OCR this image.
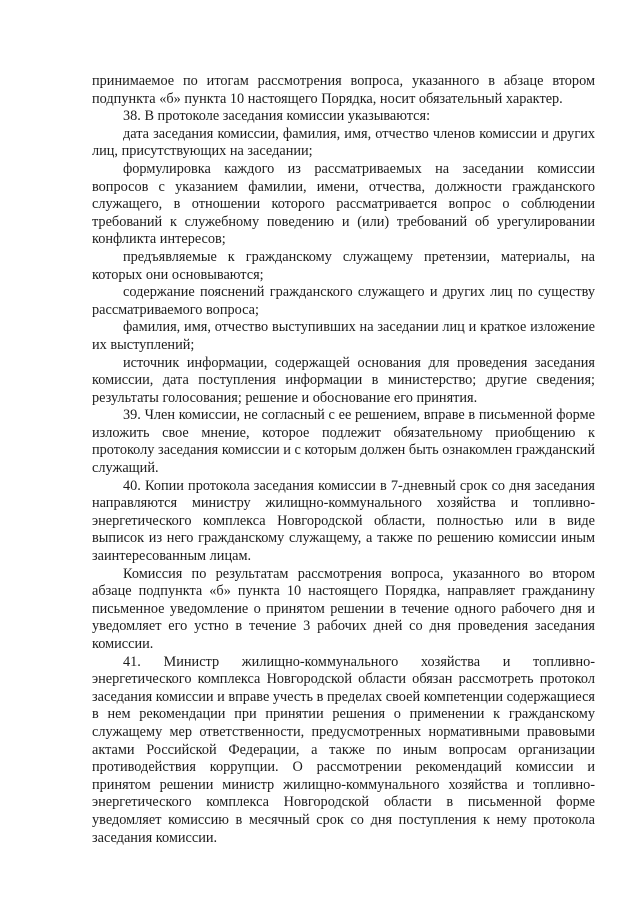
принимаемое по итогам рассмотрения вопроса, указанного в абзаце втором подпункта «б» пункта 10 настоящего Порядка, носит обязательный характер.

38. В протоколе заседания комиссии указываются:

дата заседания комиссии, фамилия, имя, отчество членов комиссии и других лиц, присутствующих на заседании;

формулировка каждого из рассматриваемых на заседании комиссии вопросов с указанием фамилии, имени, отчества, должности гражданского служащего, в отношении которого рассматривается вопрос о соблюдении требований к служебному поведению и (или) требований об урегулировании конфликта интересов;

предъявляемые к гражданскому служащему претензии, материалы, на которых они основываются;

содержание пояснений гражданского служащего и других лиц по существу рассматриваемого вопроса;

фамилия, имя, отчество выступивших на заседании лиц и краткое изложение их выступлений;

источник информации, содержащей основания для проведения заседания комиссии, дата поступления информации в министерство; другие сведения; результаты голосования; решение и обоснование его принятия.

39. Член комиссии, не согласный с ее решением, вправе в письменной форме изложить свое мнение, которое подлежит обязательному приобщению к протоколу заседания комиссии и с которым должен быть ознакомлен гражданский служащий.

40. Копии протокола заседания комиссии в 7-дневный срок со дня заседания направляются министру жилищно-коммунального хозяйства и топливно-энергетического комплекса Новгородской области, полностью или в виде выписок из него гражданскому служащему, а также по решению комиссии иным заинтересованным лицам.

Комиссия по результатам рассмотрения вопроса, указанного во втором абзаце подпункта «б» пункта 10 настоящего Порядка, направляет гражданину письменное уведомление о принятом решении в течение одного рабочего дня и уведомляет его устно в течение 3 рабочих дней со дня проведения заседания комиссии.

41. Министр жилищно-коммунального хозяйства и топливно-энергетического комплекса Новгородской области обязан рассмотреть протокол заседания комиссии и вправе учесть в пределах своей компетенции содержащиеся в нем рекомендации при принятии решения о применении к гражданскому служащему мер ответственности, предусмотренных нормативными правовыми актами Российской Федерации, а также по иным вопросам организации противодействия коррупции. О рассмотрении рекомендаций комиссии и принятом решении министр жилищно-коммунального хозяйства и топливно-энергетического комплекса Новгородской области в письменной форме уведомляет комиссию в месячный срок со дня поступления к нему протокола заседания комиссии.
